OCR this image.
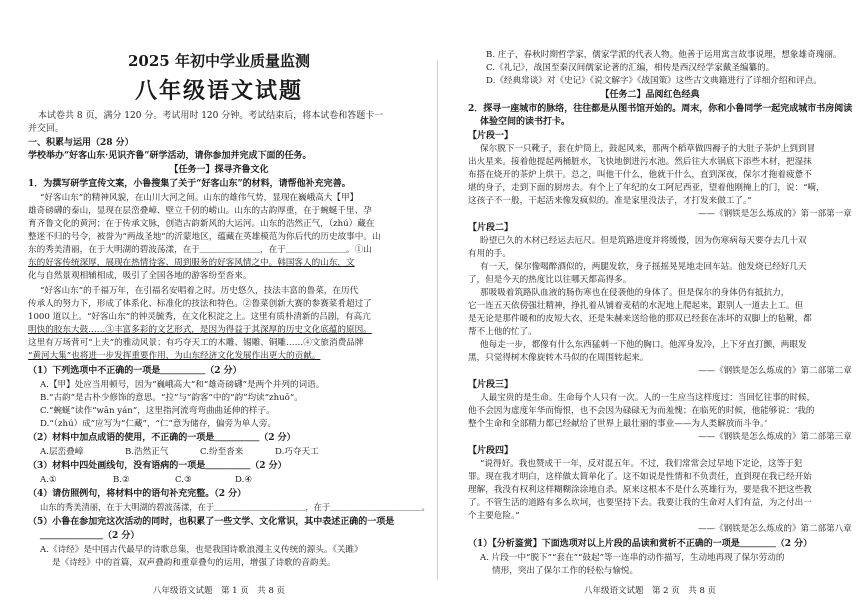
2025 年初中学业质量监测
八年级语文试题
本试卷共 8 页，满分 120 分。考试用时 120 分钟。考试结束后，将本试卷和答题卡一
并交回。
一、积累与运用（28 分）
学校举办“好客山东·见识齐鲁”研学活动，请你参加并完成下面的任务。
【任务一】探寻齐鲁文化
1．为撰写研学宣传文案，小鲁搜集了关于“好客山东”的材料，请帮他补充完善。
“好客山东”的精神风貌，在山川大河之间。山东的雄伟气势，显现在巍峨高大【甲】
雄奇磅礴的泰山，显现在层峦叠嶂、壁立千仞的崂山。山东的古韵厚重，在于蜿蜒千里、孕
育齐鲁文化的黄河；在于传承文脉，创造古韵新风的大运河。山东的浩然正气，（zhú）藏在
整迷不归的号令，被誉为“两战圣地”的沂蒙地区，蕴藏在英雄模范为你后代的历史故事中。山
东的秀美清丽，在于大明湖的碧波荡漾，在于＿＿＿＿＿＿＿，在于＿＿＿＿＿＿＿。①山
东的好客传统深厚，展现在热情待客、周到服务的好客风情之中。韩国客人的山东，文
化与自然景观相辅相成，吸引了全国各地的游客纷至沓来。
“好客山东”的千福万年，在引福名安唱着之时。历史悠久，技法丰富的鲁菜，在历代
传承人的努力下，形成了体系化、标准化的技法和特色。②鲁菜创新大赛的参赛菜肴超过了
1000 道以上。“好客山东”的钟灵毓秀，在文化积淀之上。这里有质朴清新的吕剧，有高亢
明快的胶东大鼓……③丰富多彩的文艺形式，是因为得益于其深厚的历史文化底蕴的原因。
这里有万场背可“上夫”的雅动风景；有巧夺天工的木雕、锡雕、铜雕……④文旅消费品牌
“黄河大集”也将进一步发挥重要作用，为山东经济文化发展作出更大的贡献。
（1）下列选项中不正确的一项是＿＿＿＿＿（2 分）
A.【甲】处应当用顿号，因为“巍峨高大”和“雄奇磅礴”是两个并列的词语。
B.“古韵”是古朴少修饰的意思。“拉”与“韵客”中的“韵”均读“zhuō”。
C.“蜿蜒”读作“wān yán”，这里指河流弯弯曲曲延伸的样子。
D.“（zhú）成”应写为“仁藏”，“仁”意为储存，偏旁为单人旁。
（2）材料中加点成语的使用，不正确的一项是＿＿＿＿＿（2 分）
A.层峦叠嶂	B.浩然正气	C.纷至沓来	D.巧夺天工
（3）材料中四处画线句，没有语病的一项是＿＿＿＿＿（2 分）
A.①	B.②	C.③	D.④
（4）请仿照例句，将材料中的语句补充完整。（2 分）
山东的秀美清丽，在于大明湖的碧波荡漾，在于＿＿＿＿＿＿＿＿＿＿＿，在于＿＿＿＿＿＿＿＿＿＿＿。
（5）小鲁在参加完这次活动的同时，也积累了一些文学、文化常识，其中表述正确的一项是
＿＿＿＿＿＿＿（2 分）
A.《诗经》是中国古代最早的诗歌总集，也是我国诗歌浪漫主义传统的源头。《关雎》
是《诗经》中的首篇，双声叠韵和重章叠句的运用，增强了诗歌的音韵美。
八年级语文试题　第 1 页　共 8 页
B. 庄子，春秋时期哲学家，儒家学派的代表人物。他善于运用寓言故事说理，想象雄奇瑰丽。
C.《礼记》，战国至秦汉间儒家论著的汇编，相传是西汉经学家戴圣编纂的。
D.《经典常谈》对《史记》《说文解字》《战国策》这些古文典籍进行了详细介绍和评点。
【任务二】品阅红色经典
2．探寻一座城市的脉络，往往都是从图书馆开始的。周末，你和小鲁同学一起完成城市书房阅读
体验空间的读书打卡。
【片段一】
保尔脱下一只靴子，套在炉筒上，鼓起风来，那两个稻草做四褥子的大肚子茶炉上到到冒
出火星来。接着他提起两桶脏水，飞快地倒进污水池。然后往大水锅底下添些木材，把湿抹
布搭在烧开的茶炉上烘干。总之，叫他干什么，他就干什么，直到深夜，保尔才拖着疲惫不
堪的身子，走到下面的厨房去。有个上了年纪的女工阿尼西亚，望着他刚掩上的门，说：“嗬，
这孩子不一般，干起活来像发疯似的。准是家里没法子，才打发来做工了。”
——《钢铁是怎么炼成的》第一部第一章
【片段二】
盼望已久的木材已经运去厄尺。但是筑路进度并将缓慢，因为伤寒病每天要夺去几十双
有用的手。
有一天，保尔像喝醉酒似的，两腿发软，身子摇摇晃晃地走回车站。他发烧已经好几天
了，但是今天的热度比以往哪天都高得多。
那吸吸着筑路队血液的肠伤寒也在侵袭他的身体了。但是保尔的身体仍有抵抗力，
它一连五天依傍强壮精神，挣扎着从铺着麦秸的水泥地上爬起来，跟别人一道去上工。但
是无论是那件暖和的皮短大衣，还是朱赫来送给他的那双已经套在冻坏的双脚上的毡靴，都
帮不上他的忙了。
他每走一步，都像有什么东西猛刺一下他的胸口。他浑身发冷，上下牙直打颤，两眼发
黑，只觉得树木像旋转木马似的在周围转起来。
——《钢铁是怎么炼成的》第二部第二章
【片段三】
人最宝贵的是生命。生命每个人只有一次。人的一生应当这样度过：当回忆往事的时候，
他不会因为虚度年华而悔恨，也不会因为碌碌无为而羞愧；在临死的时候，他能够说：‘我的
整个生命和全部精力都已经献给了世界上最壮丽的事业——为人类解放而斗争。’
——《钢铁是怎么炼成的》第二部第三章
【片段四】
“说得好。我也赞成干一年，反对混五年。不过，我们常常会过早地下定论，这等于犯
罪。现在我才明白，这样做太简单化了。这不如说是性情和不负责任，直到现在我已经开始
理解，我没有权利这样糊糊涂涂地自杀。原来这根本不是什么英雄行为，要是我不把这些教
了。不管生活的道路有多么坎坷，也要坚持下去。我要让我的生命对人们有益，为之付出一
个主要危险。”
——《钢铁是怎么炼成的》第二部第八章
（1）【分析鉴赏】下面选项对以上片段的品读和赏析不正确的一项是＿＿＿＿（2 分）
A. 片段一中“脱下”“套在”“鼓起”等一连串的动作描写，生动地再现了保尔劳动的
情形，突出了保尔工作的轻松与愉悦。
八年级语文试题　第 2 页　共 8 页
